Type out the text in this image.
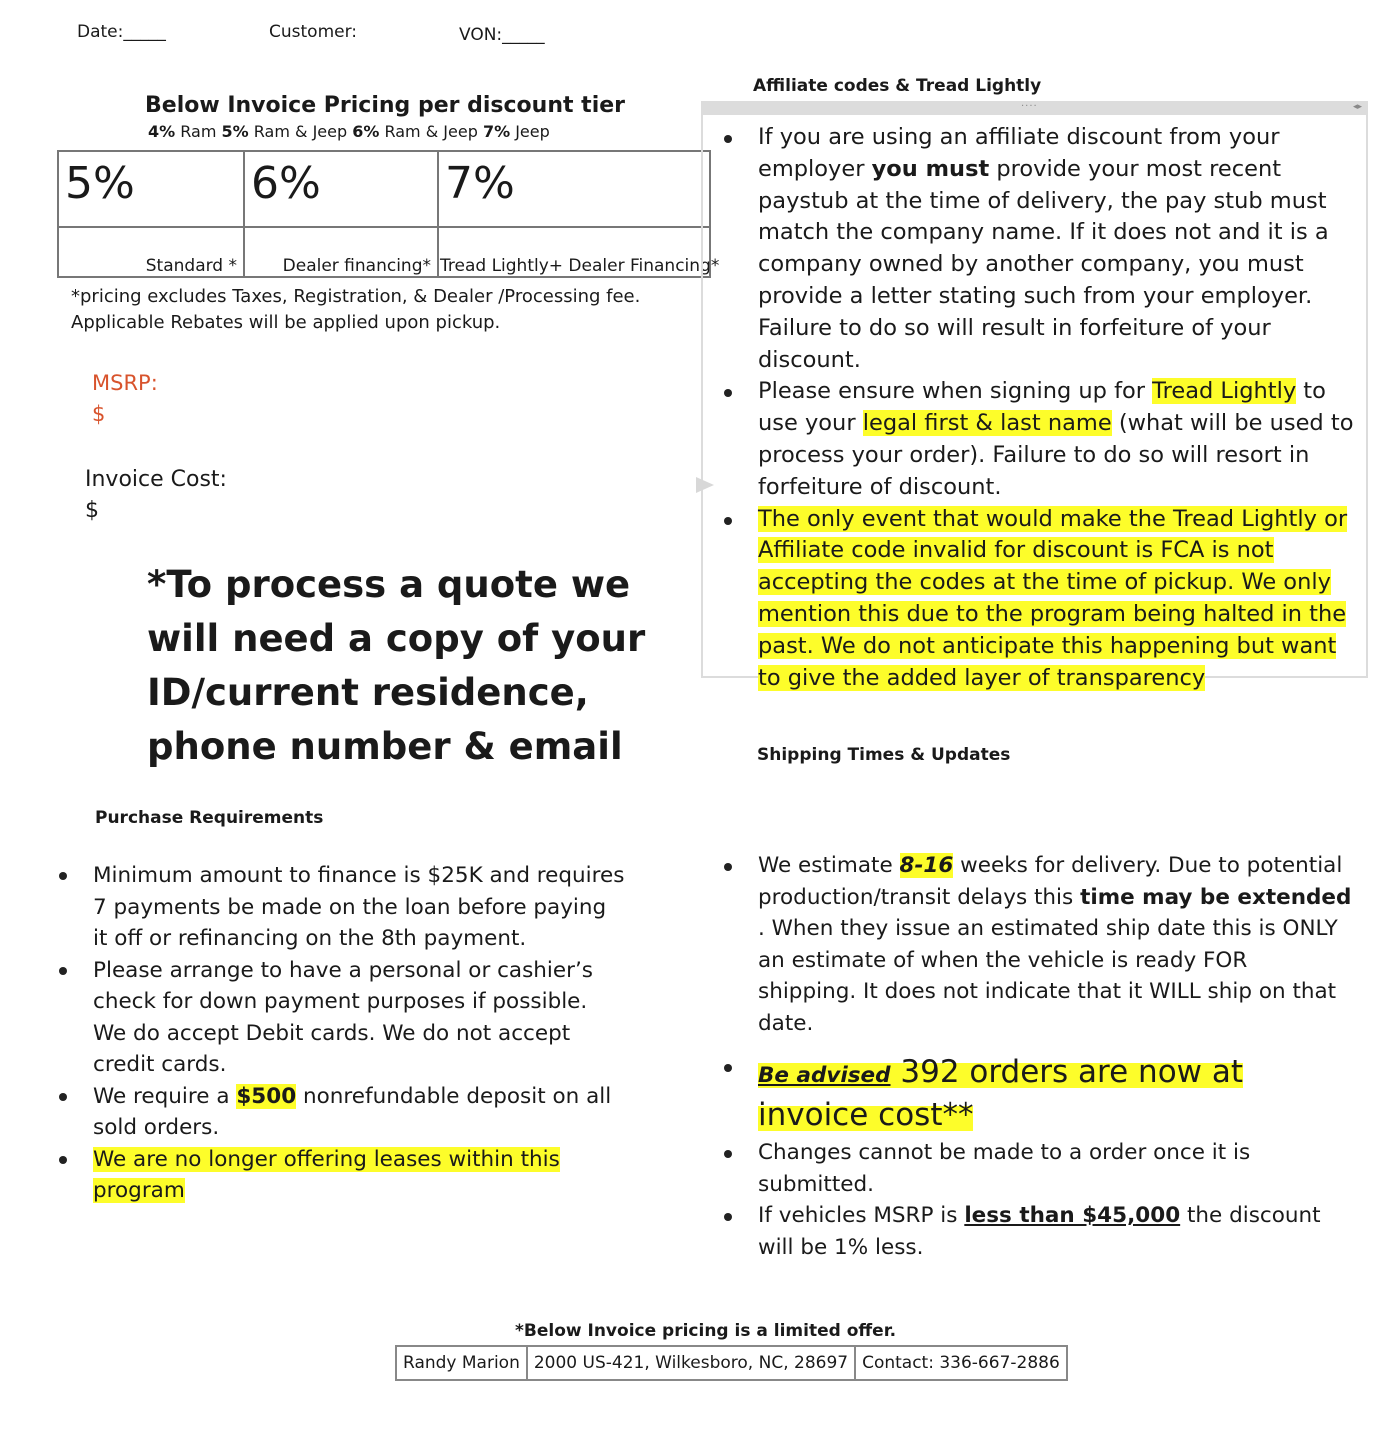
Date:_____	Customer:	VON:_____
Below Invoice Pricing per discount tier
4% Ram 5% Ram & Jeep 6% Ram & Jeep 7% Jeep
5%	6%	7%
Standard *	Dealer financing*	Tread Lightly+ Dealer Financing*
*pricing excludes Taxes, Registration, & Dealer /Processing fee.
Applicable Rebates will be applied upon pickup.
MSRP:
$
Invoice Cost:
$
*To process a quote we
will need a copy of your
ID/current residence,
phone number & email
Purchase Requirements
Minimum amount to finance is $25K and requires 7 payments be made on the loan before paying it off or refinancing on the 8th payment.
Please arrange to have a personal or cashier’s check for down payment purposes if possible. We do accept Debit cards. We do not accept credit cards.
We require a $500 nonrefundable deposit on all sold orders.
We are no longer offering leases within this program
Affiliate codes & Tread Lightly
····	◂▸
If you are using an affiliate discount from your employer you must provide your most recent paystub at the time of delivery, the pay stub must match the company name. If it does not and it is a company owned by another company, you must provide a letter stating such from your employer. Failure to do so will result in forfeiture of your discount.
Please ensure when signing up for Tread Lightly to use your legal first & last name (what will be used to process your order). Failure to do so will resort in forfeiture of discount.
The only event that would make the Tread Lightly or Affiliate code invalid for discount is FCA is not accepting the codes at the time of pickup. We only mention this due to the program being halted in the past. We do not anticipate this happening but want to give the added layer of transparency
Shipping Times & Updates
We estimate 8-16 weeks for delivery. Due to potential production/transit delays this time may be extended . When they issue an estimated ship date this is ONLY an estimate of when the vehicle is ready FOR shipping. It does not indicate that it WILL ship on that date.
Be advised 392 orders are now at invoice cost**
Changes cannot be made to a order once it is submitted.
If vehicles MSRP is less than $45,000 the discount will be 1% less.
*Below Invoice pricing is a limited offer.
Randy Marion	2000 US-421, Wilkesboro, NC, 28697	Contact: 336-667-2886
